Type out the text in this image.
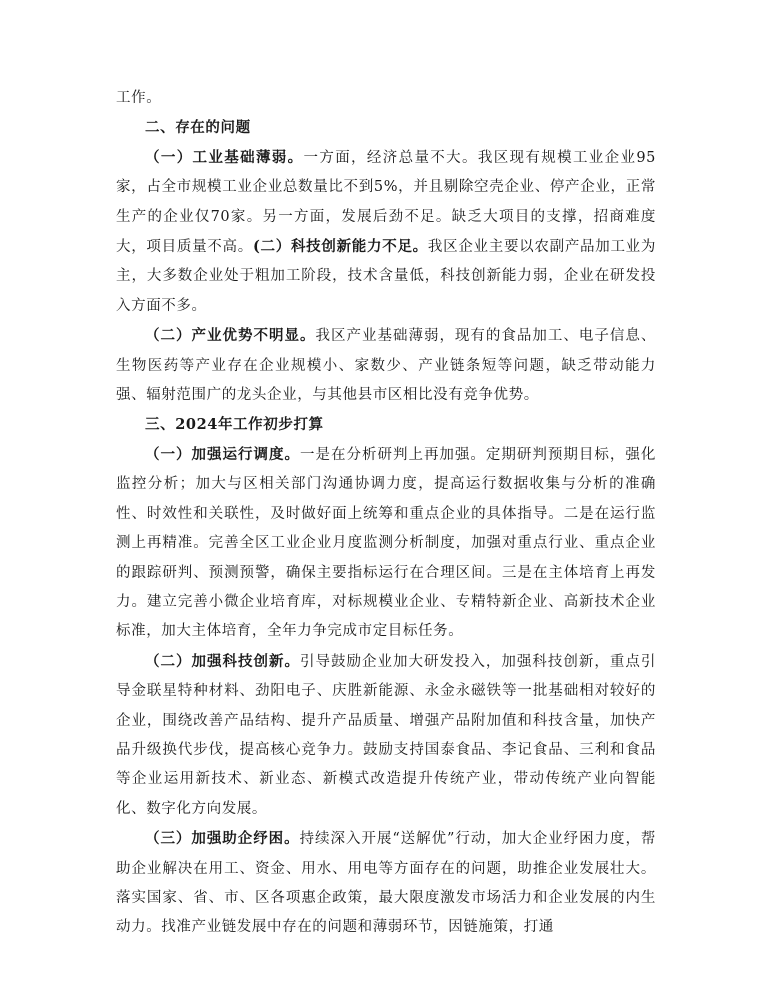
工作。

二、存在的问题

（一）工业基础薄弱。一方面，经济总量不大。我区现有规模工业企业95家，占全市规模工业企业总数量比不到5%，并且剔除空壳企业、停产企业，正常生产的企业仅70家。另一方面，发展后劲不足。缺乏大项目的支撑，招商难度大，项目质量不高。(二）科技创新能力不足。我区企业主要以农副产品加工业为主，大多数企业处于粗加工阶段，技术含量低，科技创新能力弱，企业在研发投入方面不多。

（二）产业优势不明显。我区产业基础薄弱，现有的食品加工、电子信息、生物医药等产业存在企业规模小、家数少、产业链条短等问题，缺乏带动能力强、辐射范围广的龙头企业，与其他县市区相比没有竞争优势。

三、2024年工作初步打算

（一）加强运行调度。一是在分析研判上再加强。定期研判预期目标，强化监控分析；加大与区相关部门沟通协调力度，提高运行数据收集与分析的准确性、时效性和关联性，及时做好面上统筹和重点企业的具体指导。二是在运行监测上再精准。完善全区工业企业月度监测分析制度，加强对重点行业、重点企业的跟踪研判、预测预警，确保主要指标运行在合理区间。三是在主体培育上再发力。建立完善小微企业培育库，对标规模业企业、专精特新企业、高新技术企业标准，加大主体培育，全年力争完成市定目标任务。

（二）加强科技创新。引导鼓励企业加大研发投入，加强科技创新，重点引导金联星特种材料、劲阳电子、庆胜新能源、永金永磁铁等一批基础相对较好的企业，围绕改善产品结构、提升产品质量、增强产品附加值和科技含量，加快产品升级换代步伐，提高核心竞争力。鼓励支持国泰食品、李记食品、三利和食品等企业运用新技术、新业态、新模式改造提升传统产业，带动传统产业向智能化、数字化方向发展。

（三）加强助企纾困。持续深入开展“送解优”行动，加大企业纾困力度，帮助企业解决在用工、资金、用水、用电等方面存在的问题，助推企业发展壮大。落实国家、省、市、区各项惠企政策，最大限度激发市场活力和企业发展的内生动力。找准产业链发展中存在的问题和薄弱环节，因链施策，打通
